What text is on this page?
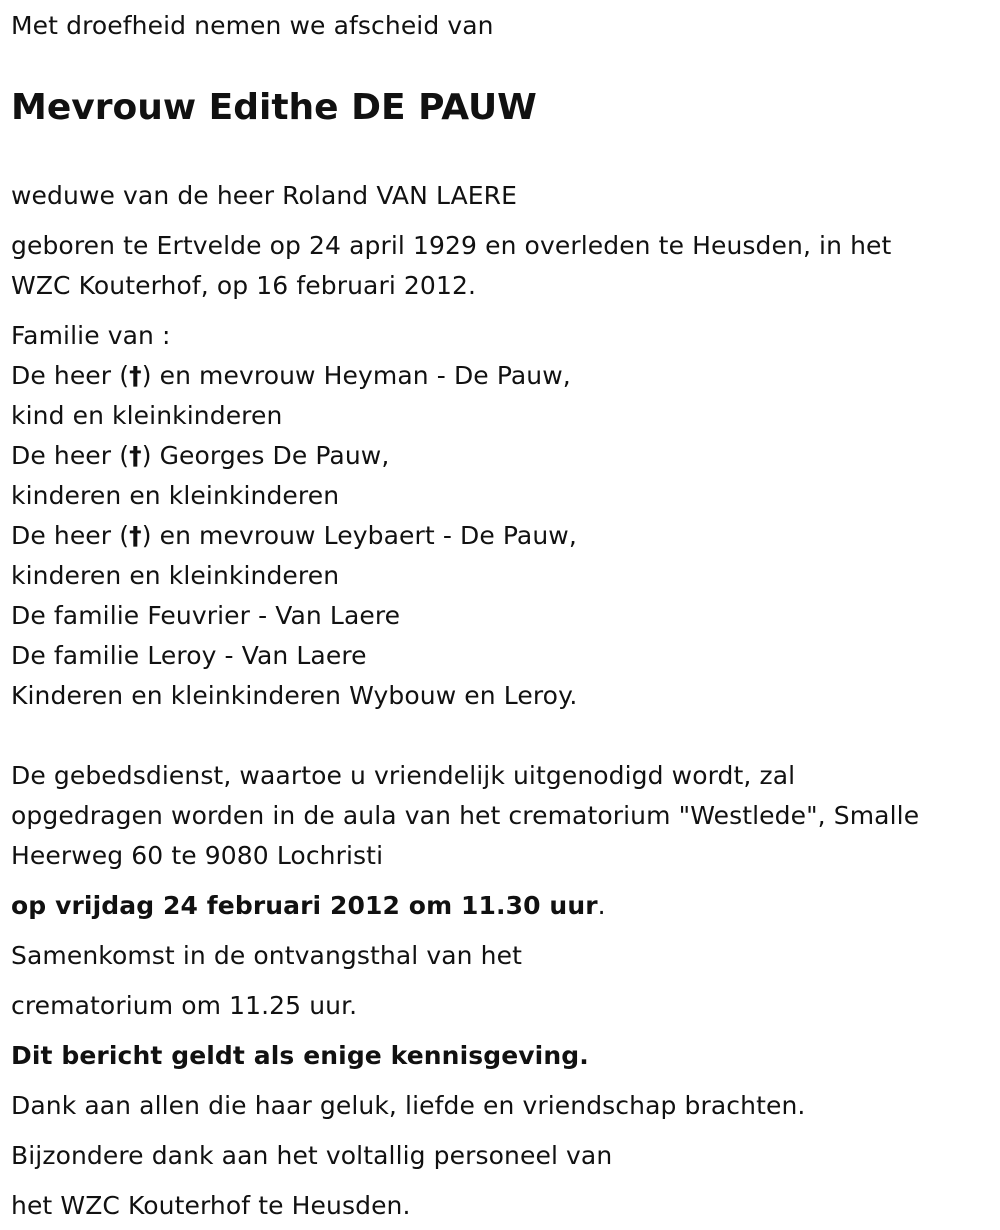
Met droefheid nemen we afscheid van
Mevrouw Edithe DE PAUW
weduwe van de heer Roland VAN LAERE
geboren te Ertvelde op 24 april 1929 en overleden te Heusden, in het
WZC Kouterhof, op 16 februari 2012.
Familie van :
De heer (†) en mevrouw Heyman - De Pauw,
kind en kleinkinderen
De heer (†) Georges De Pauw,
kinderen en kleinkinderen
De heer (†) en mevrouw Leybaert - De Pauw,
kinderen en kleinkinderen
De familie Feuvrier - Van Laere
De familie Leroy - Van Laere
Kinderen en kleinkinderen Wybouw en Leroy.
De gebedsdienst, waartoe u vriendelijk uitgenodigd wordt, zal
opgedragen worden in de aula van het crematorium "Westlede", Smalle
Heerweg 60 te 9080 Lochristi
op vrijdag 24 februari 2012 om 11.30 uur.
Samenkomst in de ontvangsthal van het
crematorium om 11.25 uur.
Dit bericht geldt als enige kennisgeving.
Dank aan allen die haar geluk, liefde en vriendschap brachten.
Bijzondere dank aan het voltallig personeel van
het WZC Kouterhof te Heusden.
